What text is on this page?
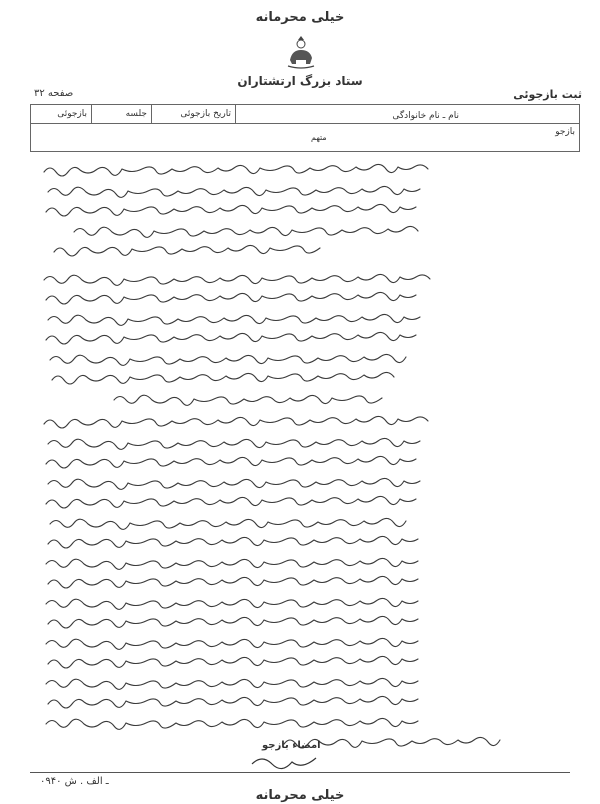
خیلی محرمانه
ستاد بزرگ ارتشتاران
ثبت بازجوئی
صفحه ۳۲
نام ـ نام خانوادگی
تاریخ بازجوئی
جلسه
بازجوئی
بازجو
متهم
امضاء بازجو
۰۹۴۰ ـ الف . ش
خیلی محرمانه
